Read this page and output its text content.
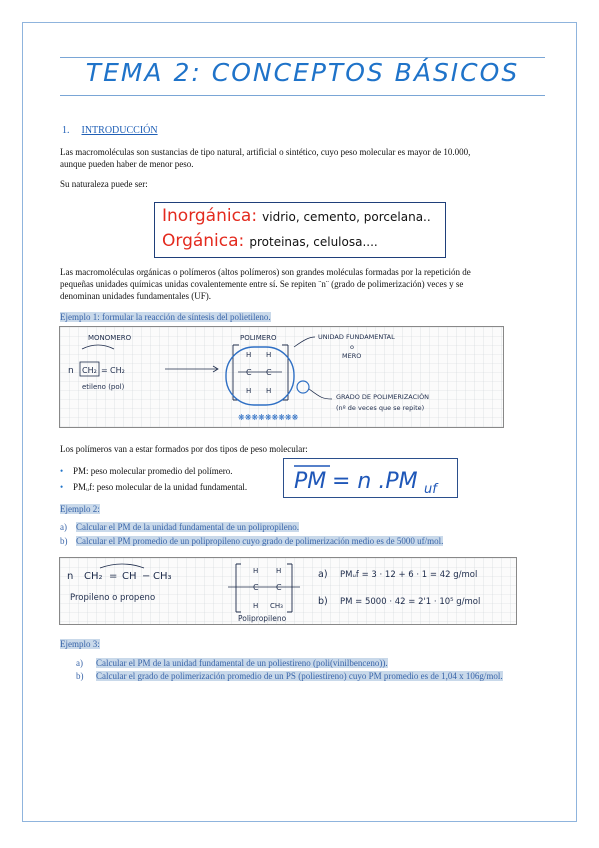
TEMA 2: CONCEPTOS BÁSICOS
1. INTRODUCCIÓN
Las macromoléculas son sustancias de tipo natural, artificial o sintético, cuyo peso molecular es mayor de 10.000,
aunque pueden haber de menor peso.
Su naturaleza puede ser:
Inorgánica: vidrio, cemento, porcelana..
Orgánica: proteinas, celulosa....
Las macromoléculas orgánicas o polímeros (altos polímeros) son grandes moléculas formadas por la repetición de
pequeñas unidades químicas unidas covalentemente entre sí. Se repiten ¨n¨ (grado de polimerización) veces y se
denominan unidades fundamentales (UF).
Ejemplo 1: formular la reacción de síntesis del polietileno.
MONOMERO
n CH₂ = CH₂
etileno (pol)
POLIMERO
H H
C C
H H
UNIDAD FUNDAMENTAL
o
MERO
GRADO DE POLIMERIZACIÓN
(nº de veces que se repite)
❋❋❋❋❋❋❋❋❋
Los polímeros van a estar formados por dos tipos de peso molecular:
• PM: peso molecular promedio del polímero.
• PMᵤf: peso molecular de la unidad fundamental. PM = n .PM uf
Ejemplo 2:
a) Calcular el PM de la unidad fundamental de un polipropileno.
b) Calcular el PM promedio de un polipropileno cuyo grado de polimerización medio es de 5000 uf/mol.
n CH₂ = CH − CH₃
Propileno o propeno
H	H
C C
H CH₃
Polipropileno
a) PMᵤf = 3 · 12 + 6 · 1 = 42 g/mol
b) PM = 5000 · 42 = 2'1 · 10⁵ g/mol
Ejemplo 3:
a) Calcular el PM de la unidad fundamental de un poliestireno (poli(vinilbenceno)).
b) Calcular el grado de polimerización promedio de un PS (poliestireno) cuyo PM promedio es de 1,04 x 106g/mol.
